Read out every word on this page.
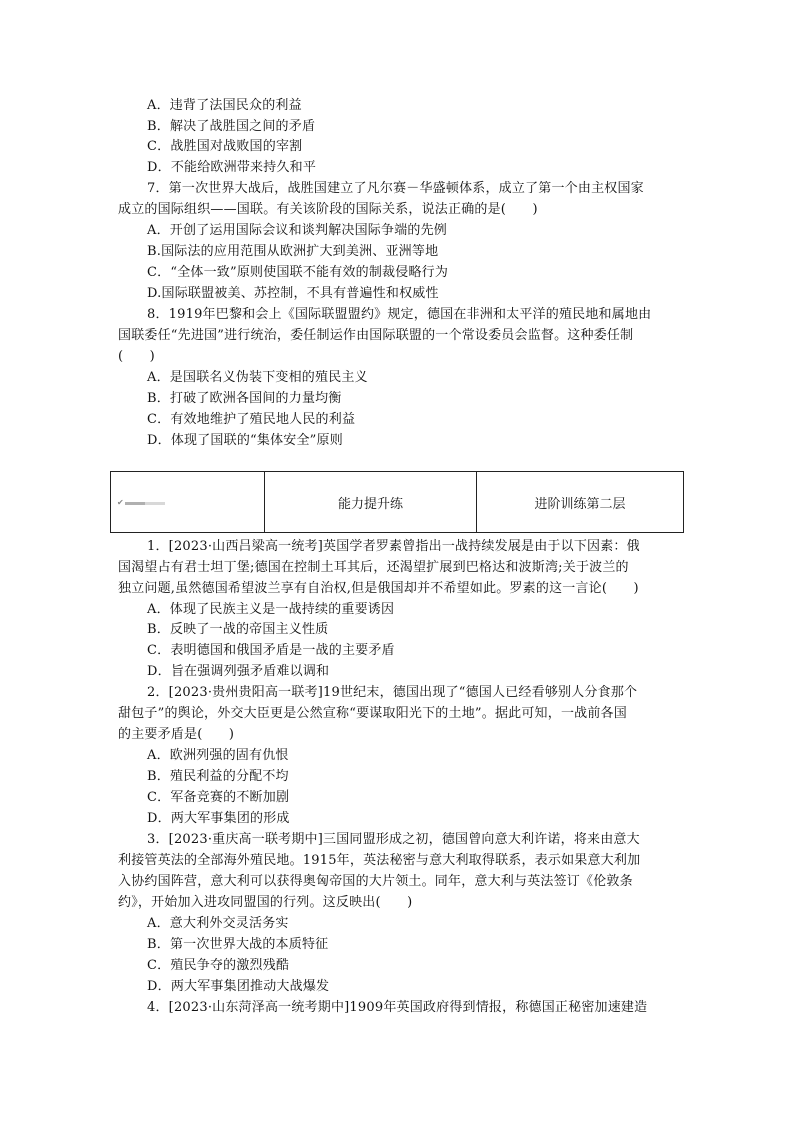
A．违背了法国民众的利益
B．解决了战胜国之间的矛盾
C．战胜国对战败国的宰割
D．不能给欧洲带来持久和平
7．第一次世界大战后，战胜国建立了凡尔赛－华盛顿体系，成立了第一个由主权国家
成立的国际组织——国联。有关该阶段的国际关系，说法正确的是(　　)
A．开创了运用国际会议和谈判解决国际争端的先例
B.国际法的应用范围从欧洲扩大到美洲、亚洲等地
C．“全体一致”原则使国联不能有效的制裁侵略行为
D.国际联盟被美、苏控制，不具有普遍性和权威性
8．1919年巴黎和会上《国际联盟盟约》规定，德国在非洲和太平洋的殖民地和属地由
国联委任“先进国”进行统治，委任制运作由国际联盟的一个常设委员会监督。这种委任制
(　　)
A．是国联名义伪装下变相的殖民主义
B．打破了欧洲各国间的力量均衡
C．有效地维护了殖民地人民的利益
D．体现了国联的“集体安全”原则
✔	能力提升练	进阶训练第二层
1．[2023·山西吕梁高一统考]英国学者罗素曾指出一战持续发展是由于以下因素：俄
国渴望占有君士坦丁堡;德国在控制土耳其后，还渴望扩展到巴格达和波斯湾;关于波兰的
独立问题,虽然德国希望波兰享有自治权,但是俄国却并不希望如此。罗素的这一言论(　　)
A．体现了民族主义是一战持续的重要诱因
B．反映了一战的帝国主义性质
C．表明德国和俄国矛盾是一战的主要矛盾
D．旨在强调列强矛盾难以调和
2．[2023·贵州贵阳高一联考]19世纪末，德国出现了“德国人已经看够别人分食那个
甜包子”的舆论，外交大臣更是公然宣称“要谋取阳光下的土地”。据此可知，一战前各国
的主要矛盾是(　　)
A．欧洲列强的固有仇恨
B．殖民利益的分配不均
C．军备竞赛的不断加剧
D．两大军事集团的形成
3．[2023·重庆高一联考期中]三国同盟形成之初，德国曾向意大利许诺，将来由意大
利接管英法的全部海外殖民地。1915年，英法秘密与意大利取得联系，表示如果意大利加
入协约国阵营，意大利可以获得奥匈帝国的大片领土。同年，意大利与英法签订《伦敦条
约》，开始加入进攻同盟国的行列。这反映出(　　)
A．意大利外交灵活务实
B．第一次世界大战的本质特征
C．殖民争夺的激烈残酷
D．两大军事集团推动大战爆发
4．[2023·山东菏泽高一统考期中]1909年英国政府得到情报，称德国正秘密加速建造
